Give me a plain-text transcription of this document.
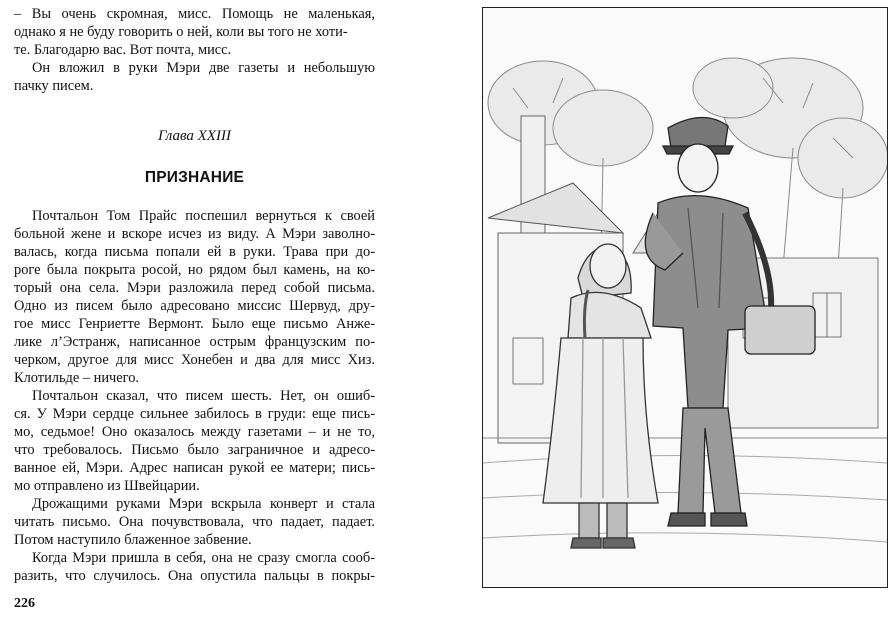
– Вы очень скромная, мисс. Помощь не маленькая,
однако я не буду говорить о ней, коли вы того не хоти-
те. Благодарю вас. Вот почта, мисс.
Он вложил в руки Мэри две газеты и небольшую
пачку писем.
Глава XXIII
ПРИЗНАНИЕ
Почтальон Том Прайс поспешил вернуться к своей
больной жене и вскоре исчез из виду. А Мэри заволно-
валась, когда письма попали ей в руки. Трава при до-
роге была покрыта росой, но рядом был камень, на ко-
торый она села. Мэри разложила перед собой письма.
Одно из писем было адресовано миссис Шервуд, дру-
гое мисс Генриетте Вермонт. Было еще письмо Анже-
лике л’Эстранж, написанное острым французским по-
черком, другое для мисс Хонебен и два для мисс Хиз.
Клотильде – ничего.
Почтальон сказал, что писем шесть. Нет, он ошиб-
ся. У Мэри сердце сильнее забилось в груди: еще пись-
мо, седьмое! Оно оказалось между газетами – и не то,
что требовалось. Письмо было заграничное и адресо-
ванное ей, Мэри. Адрес написан рукой ее матери; пись-
мо отправлено из Швейцарии.
Дрожащими руками Мэри вскрыла конверт и стала
читать письмо. Она почувствовала, что падает, падает.
Потом наступило блаженное забвение.
Когда Мэри пришла в себя, она не сразу смогла сооб-
разить, что случилось. Она опустила пальцы в покры-
226
